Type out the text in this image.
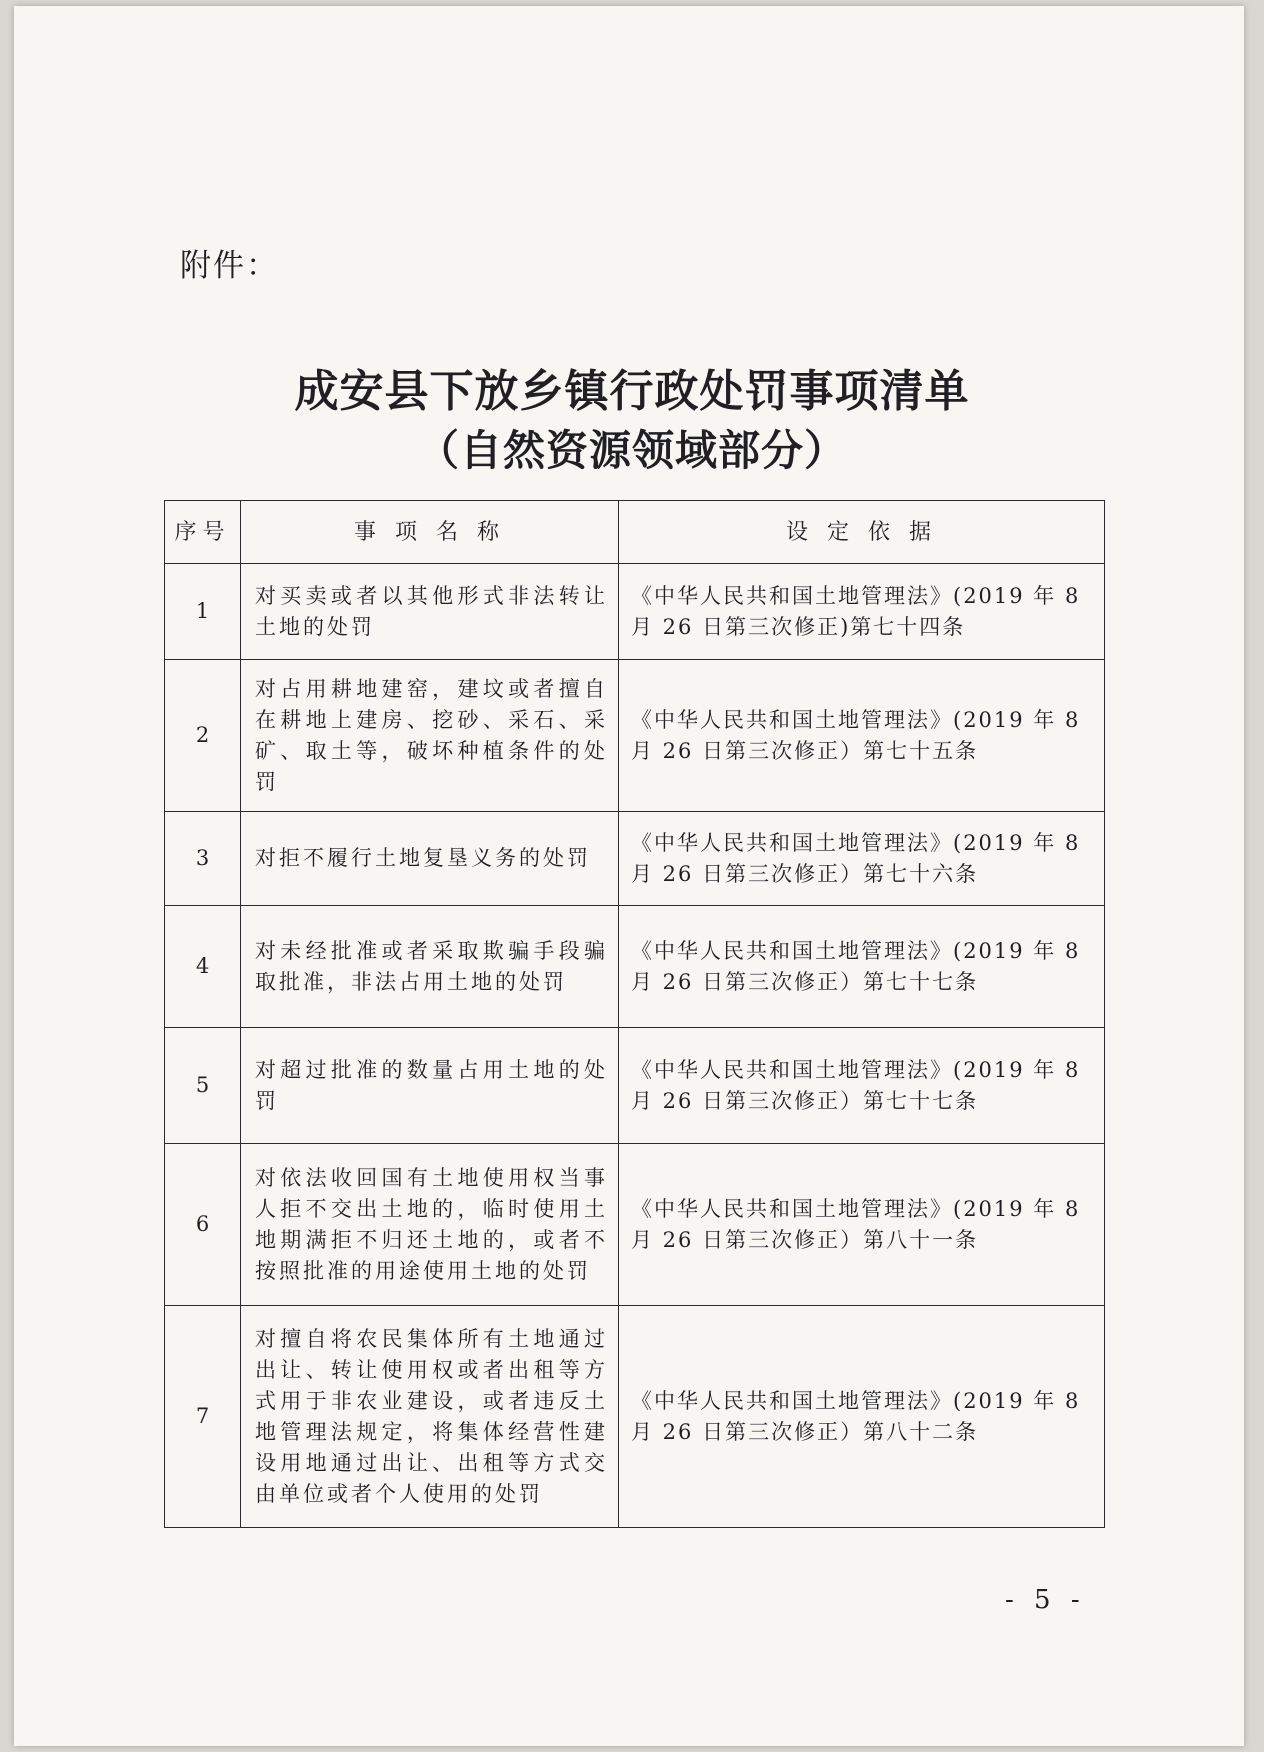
附件：
成安县下放乡镇行政处罚事项清单
（自然资源领域部分）
序号	事 项 名 称	设 定 依 据
1	对买卖或者以其他形式非法转让土地的处罚	《中华人民共和国土地管理法》(2019 年 8 月 26 日第三次修正)第七十四条
2	对占用耕地建窑，建坟或者擅自在耕地上建房、挖砂、采石、采矿、取土等，破坏种植条件的处罚	《中华人民共和国土地管理法》(2019 年 8 月 26 日第三次修正）第七十五条
3	对拒不履行土地复垦义务的处罚	《中华人民共和国土地管理法》(2019 年 8 月 26 日第三次修正）第七十六条
4	对未经批准或者采取欺骗手段骗取批准，非法占用土地的处罚	《中华人民共和国土地管理法》(2019 年 8 月 26 日第三次修正）第七十七条
5	对超过批准的数量占用土地的处罚	《中华人民共和国土地管理法》(2019 年 8 月 26 日第三次修正）第七十七条
6	对依法收回国有土地使用权当事人拒不交出土地的，临时使用土地期满拒不归还土地的，或者不按照批准的用途使用土地的处罚	《中华人民共和国土地管理法》(2019 年 8 月 26 日第三次修正）第八十一条
7	对擅自将农民集体所有土地通过出让、转让使用权或者出租等方式用于非农业建设，或者违反土地管理法规定，将集体经营性建设用地通过出让、出租等方式交由单位或者个人使用的处罚	《中华人民共和国土地管理法》(2019 年 8 月 26 日第三次修正）第八十二条
- 5 -
